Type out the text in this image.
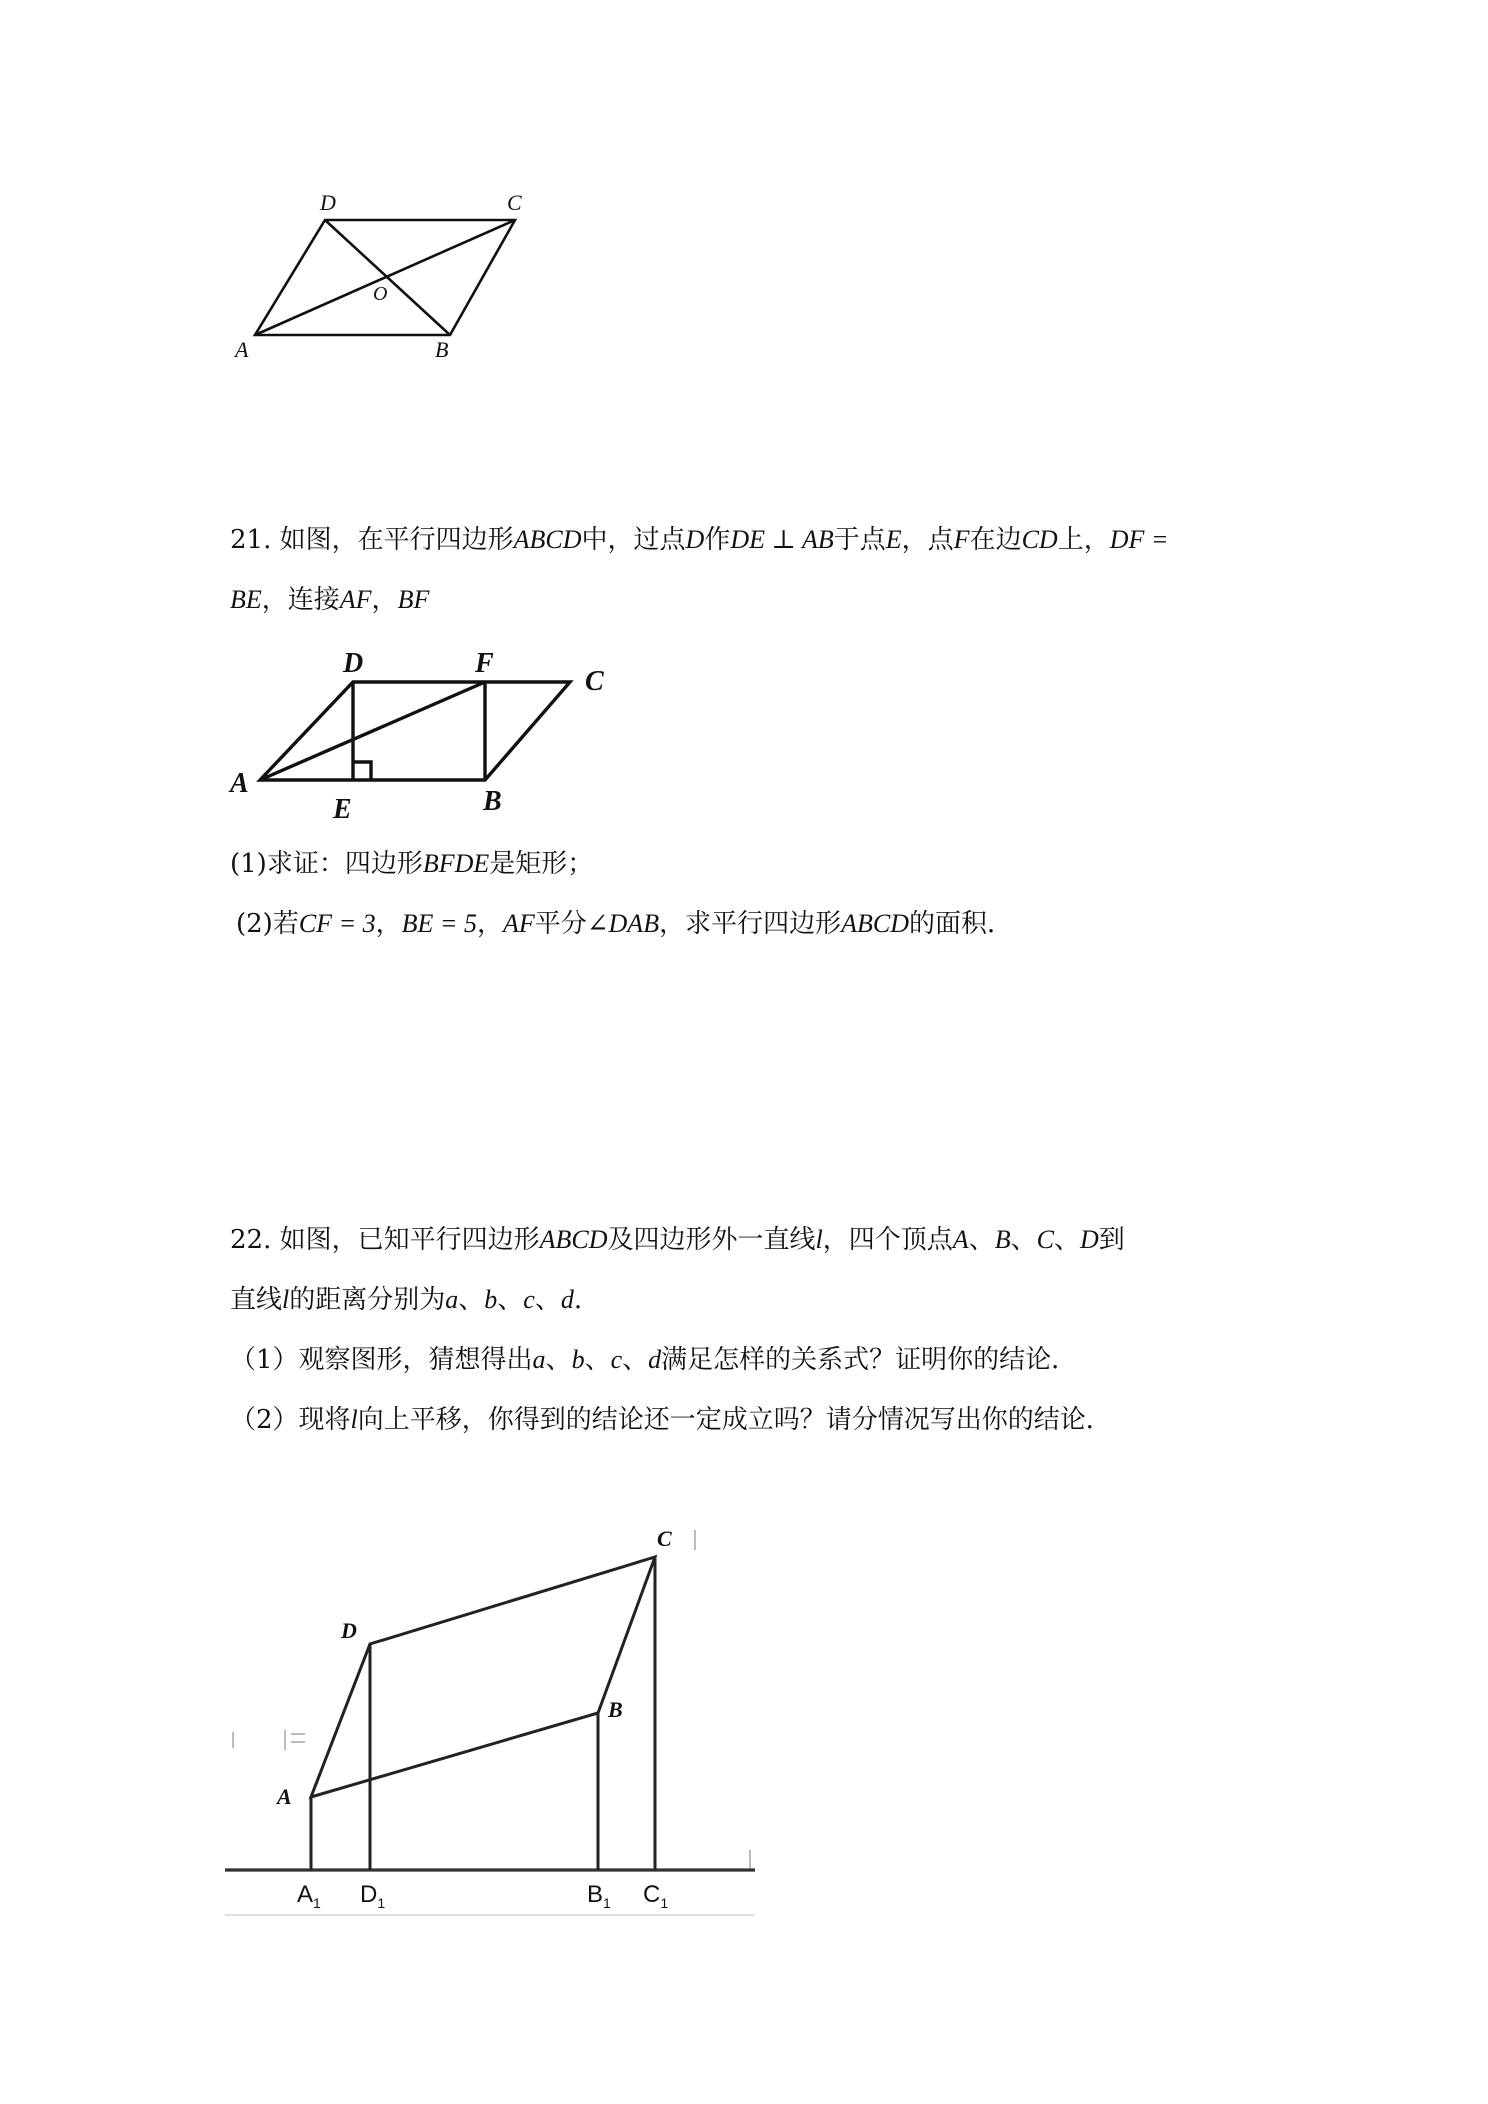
A	B
C
D
O
21. 如图，在平行四边形ABCD中，过点D作DE ⊥ AB于点E，点F在边CD上，DF =
BE，连接AF，BF
A
B
C
D
E
F
(1)求证：四边形BFDE是矩形；
(2)若CF = 3，BE = 5，AF平分∠DAB，求平行四边形ABCD的面积．
22. 如图，已知平行四边形ABCD及四边形外一直线l，四个顶点A、B、C、D到
直线l的距离分别为a、b、c、d.
（1）观察图形，猜想得出a、b、c、d满足怎样的关系式？证明你的结论．
（2）现将l向上平移，你得到的结论还一定成立吗？请分情况写出你的结论．
A
B
C
D
$A_1$ $D_1$	$B_1$ $C_1$
